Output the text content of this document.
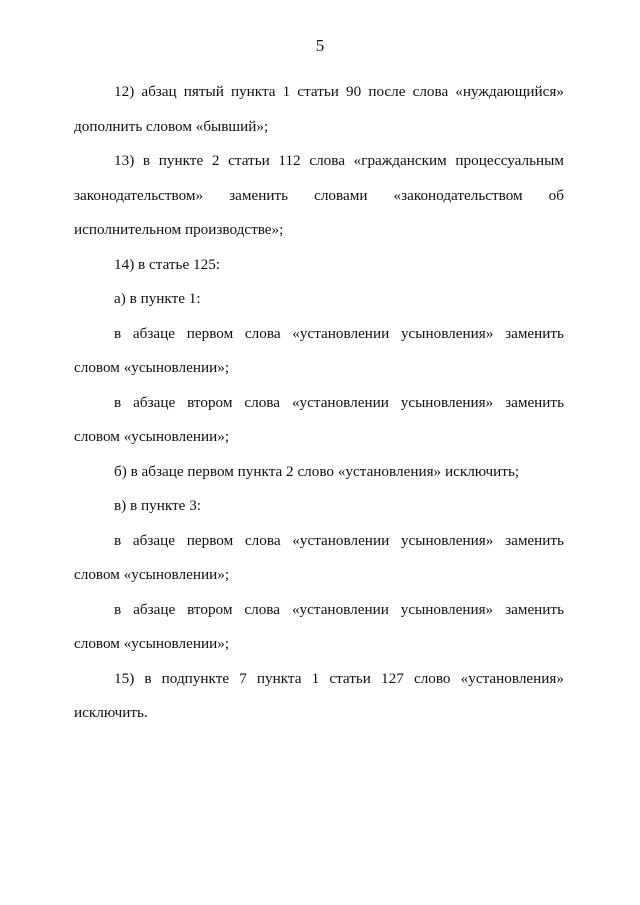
5

12) абзац пятый пункта 1 статьи 90 после слова «нуждающийся» дополнить словом «бывший»;

13) в пункте 2 статьи 112 слова «гражданским процессуальным законодательством» заменить словами «законодательством об исполнительном производстве»;

14) в статье 125:

а) в пункте 1:

в абзаце первом слова «установлении усыновления» заменить словом «усыновлении»;

в абзаце втором слова «установлении усыновления» заменить словом «усыновлении»;

б) в абзаце первом пункта 2 слово «установления» исключить;

в) в пункте 3:

в абзаце первом слова «установлении усыновления» заменить словом «усыновлении»;

в абзаце втором слова «установлении усыновления» заменить словом «усыновлении»;

15) в подпункте 7 пункта 1 статьи 127 слово «установления» исключить.
